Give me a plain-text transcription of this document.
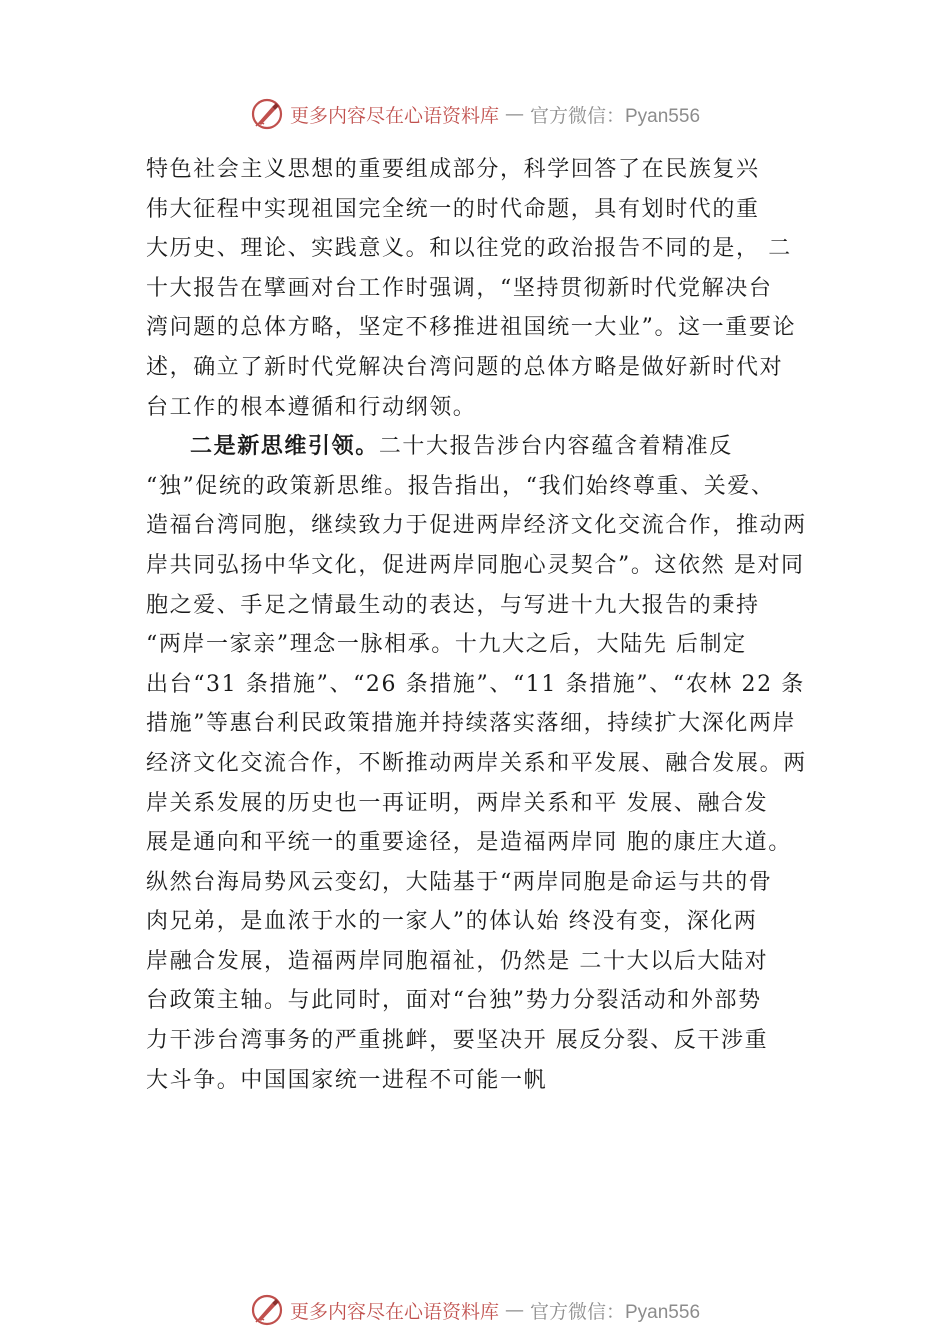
更多内容尽在心语资料库 — 官方微信：Pyan556
特色社会主义思想的重要组成部分，科学回答了在民族复兴
伟大征程中实现祖国完全统一的时代命题，具有划时代的重
大历史、理论、实践意义。和以往党的政治报告不同的是， 二
十大报告在擘画对台工作时强调，“坚持贯彻新时代党解决台
湾问题的总体方略，坚定不移推进祖国统一大业”。这一重要论
述，确立了新时代党解决台湾问题的总体方略是做好新时代对
台工作的根本遵循和行动纲领。
二是新思维引领。二十大报告涉台内容蕴含着精准反
“独”促统的政策新思维。报告指出，“我们始终尊重、关爱、
造福台湾同胞，继续致力于促进两岸经济文化交流合作，推动两
岸共同弘扬中华文化，促进两岸同胞心灵契合”。这依然 是对同
胞之爱、手足之情最生动的表达，与写进十九大报告的秉持
“两岸一家亲”理念一脉相承。十九大之后，大陆先 后制定
出台“31 条措施”、“26 条措施”、“11 条措施”、“农林 22 条
措施”等惠台利民政策措施并持续落实落细，持续扩大深化两岸
经济文化交流合作，不断推动两岸关系和平发展、融合发展。两
岸关系发展的历史也一再证明，两岸关系和平 发展、融合发
展是通向和平统一的重要途径，是造福两岸同 胞的康庄大道。
纵然台海局势风云变幻，大陆基于“两岸同胞是命运与共的骨
肉兄弟，是血浓于水的一家人”的体认始 终没有变，深化两
岸融合发展，造福两岸同胞福祉，仍然是 二十大以后大陆对
台政策主轴。与此同时，面对“台独”势力分裂活动和外部势
力干涉台湾事务的严重挑衅，要坚决开 展反分裂、反干涉重
大斗争。中国国家统一进程不可能一帆
更多内容尽在心语资料库 — 官方微信：Pyan556
